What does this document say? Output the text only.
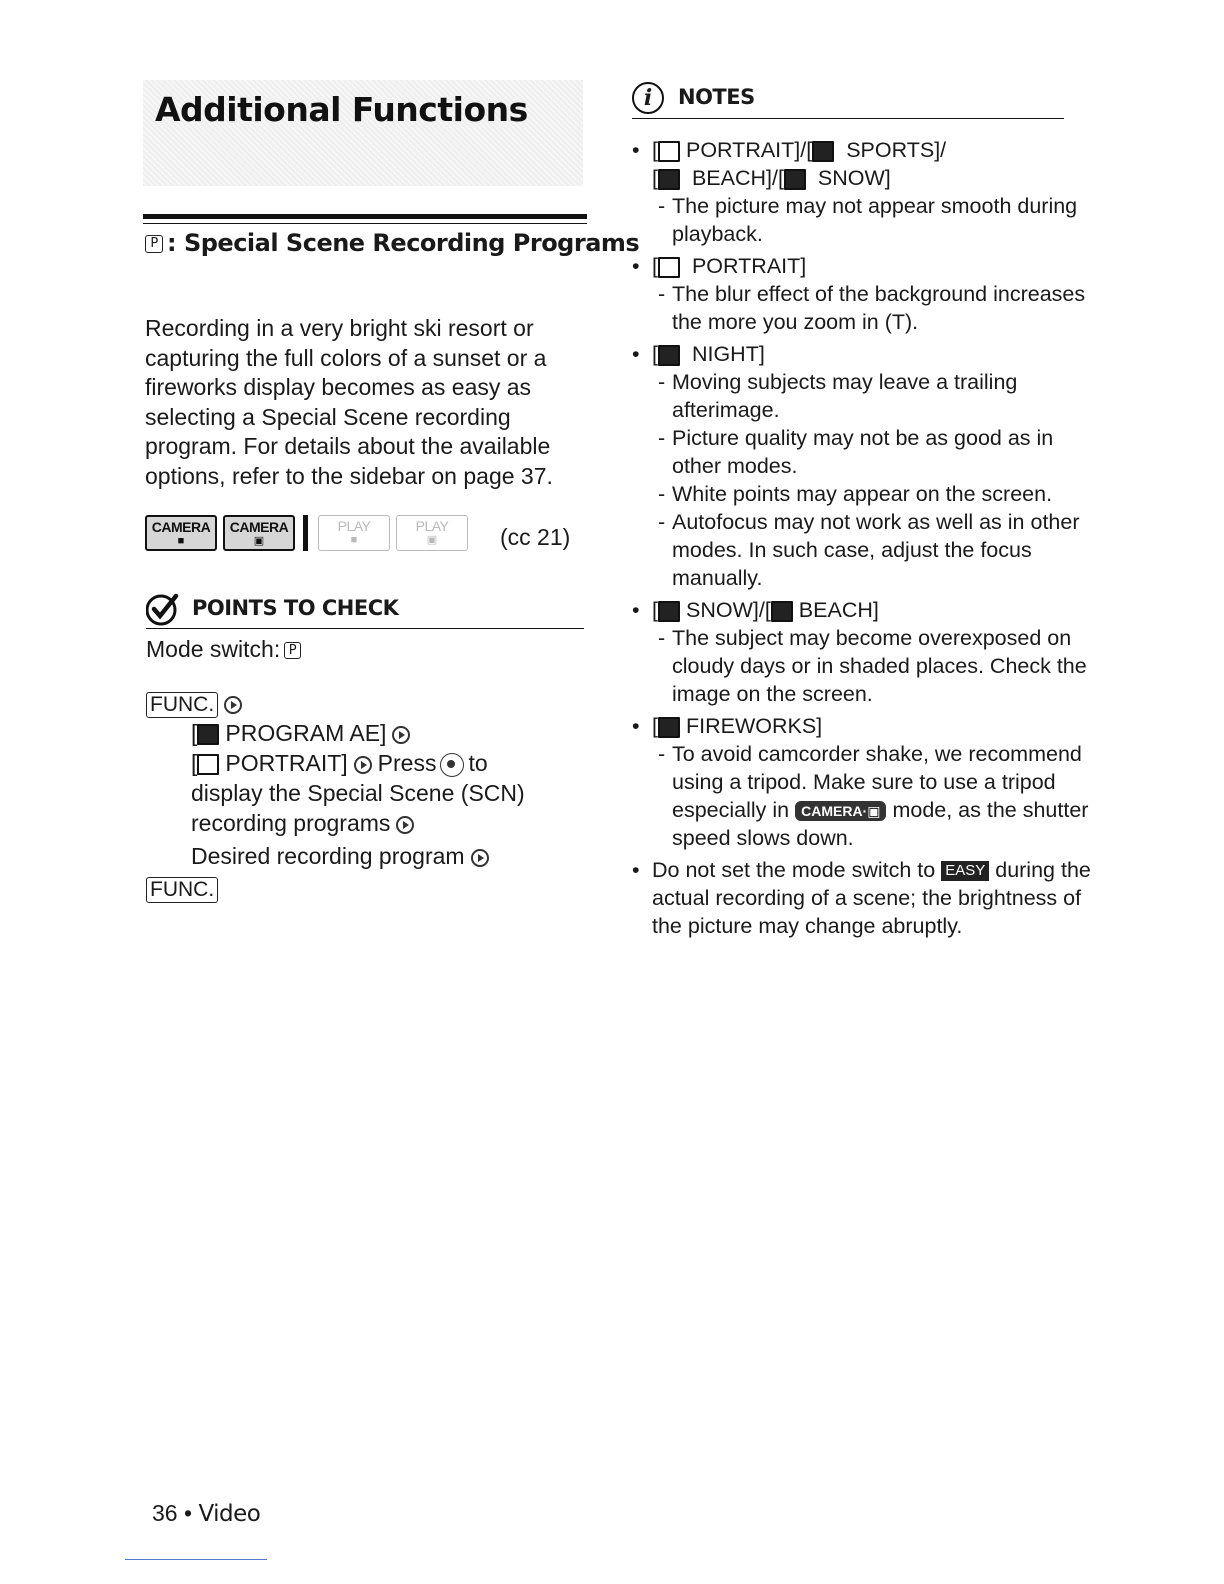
Additional Functions
P : Special Scene Recording Programs

Recording in a very bright ski resort or capturing the full colors of a sunset or a fireworks display becomes as easy as selecting a Special Scene recording program. For details about the available options, refer to the sidebar on page 37.

CAMERA
■
CAMERA
▣
PLAY
■
PLAY
▣	(ᴄᴄ 21)
POINTS TO CHECK

Mode switch: P

FUNC.

[ PROGRAM AE]

[ PORTRAIT] Press to

display the Special Scene (SCN)

recording programs

Desired recording program

FUNC.

36 • Video
i	NOTES
• [ PORTRAIT]/[ SPORTS]/
[ BEACH]/[ SNOW]
- The picture may not appear smooth during playback.
• [ PORTRAIT]
- The blur effect of the background increases the more you zoom in (T).
• [ NIGHT]
- Moving subjects may leave a trailing afterimage.
- Picture quality may not be as good as in other modes.
- White points may appear on the screen.
- Autofocus may not work as well as in other modes. In such case, adjust the focus manually.
• [ SNOW]/[ BEACH]
- The subject may become overexposed on cloudy days or in shaded places. Check the image on the screen.
• [ FIREWORKS]
- To avoid camcorder shake, we recommend using a tripod. Make sure to use a tripod especially in CAMERA·▣ mode, as the shutter speed slows down.
• Do not set the mode switch to EASY during the actual recording of a scene; the brightness of the picture may change abruptly.
